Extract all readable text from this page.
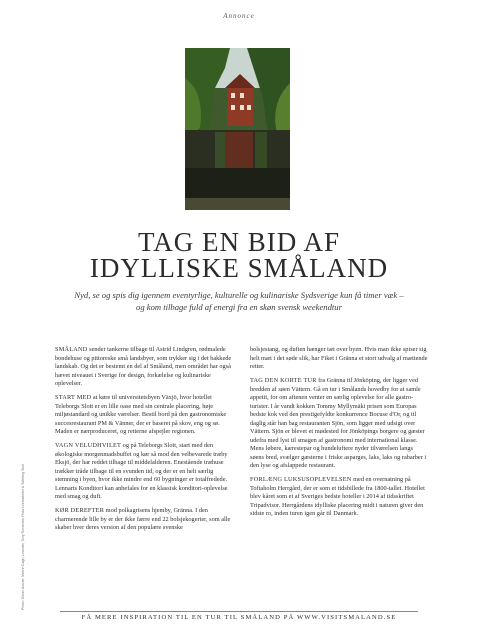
Annonce
TAG EN BID AF
IDYLLISKE SMÅLAND
Nyd, se og spis dig igennem eventyrlige, kulturelle og kulinariske Sydsverige kun få timer væk – og kom tilbage fuld af energi fra en skøn svensk weekendtur
Photo: Göran Assner, Marvin Dagh, Leander, Tony Tornström, Frida Linnéadotter & Tolleking Slott

SMÅLAND sender tankerne tilbage til Astrid Lindgren, rødmalede bondehuse og pittoreske små landsbyer, som trykker sig i det bakkede landskab. Og det er bestemt en del af Småland, men området har også hævet niveauet i Sverige for design, forkælelse og kulinariske oplevelser.

START MED at køre til universitetsbyen Växjö, hvor hotellet Teleborgs Slott er en lille oase med sin centrale placering, høje miljøstandard og unikke værelser. Bestil bord på den gastronomiske succesrestaurant PM & Vänner, der er baseret på skov, eng og sø. Maden er nærproduceret, og retterne afspejler regionen.

VAGN VELUDHVILET og på Teleborgs Slott, start med den økologiske morgenmadsbuffet og kør så mod den velbevarede træby Eksjö, der har reddet tilbage til middelalderen. Enestående træhuse trækker tråde tilbage til en svunden tid, og der er en helt særlig stemning i byen, hvor ikke mindre end 60 bygninger er totalfredede. Lennarts Konditori kan anbefales for en klassisk konditori-oplevelse med smag og duft.

KØR DEREFTER mod polkagrisens hjemby, Gränna. I den charmerende lille by er der ikke færre end 22 bolsjekogerier, som alle skaber hver deres version af den populære svenske

bolsjestang, og duften hænger tæt over byen. Hvis man ikke spiser sig helt mæt i det søde slik, har Fiket i Gränna et stort udvalg af mættende retter.

TAG DEN KORTE TUR fra Gränna til Jönköping, der ligger ved bredden af søen Vättern. Gå en tur i Smålands hovedby for at samle appetit, for om aftenen venter en særlig oplevelse for alle gastro-turister. I år vandt kokken Tommy Myllymäki prisen som Europas bedste kok ved den prestigefyldte konkurrence Bocuse d'Or, og til daglig står han bag restauranten Sjön, som ligger med udsigt over Vättern. Sjön er blevet et mødested for Jönköpings borgere og gæster udefra med lyst til smagen af gastronomi med international klasse. Mens løbere, kærestepar og hundeluftere nyder tilværelsen langs søens bred, svælger gæsterne i friske asparges, laks, laks og rabarber i den lyse og afslappede restaurant.

FORLÆNG LUKSUSOPLEVELSEN med en overnatning på Toftaholm Herrgård, der er som et tidsbillede fra 1800-tallet. Hotellet blev kåret som et af Sveriges bedste hoteller i 2014 af tidsskriftet Tripadvisor. Herrgårdens idylliske placering midt i naturen giver den sidste ro, inden turen igen går til Danmark.

FÅ MERE INSPIRATION TIL EN TUR TIL SMÅLAND PÅ WWW.VISITSMALAND.SE
